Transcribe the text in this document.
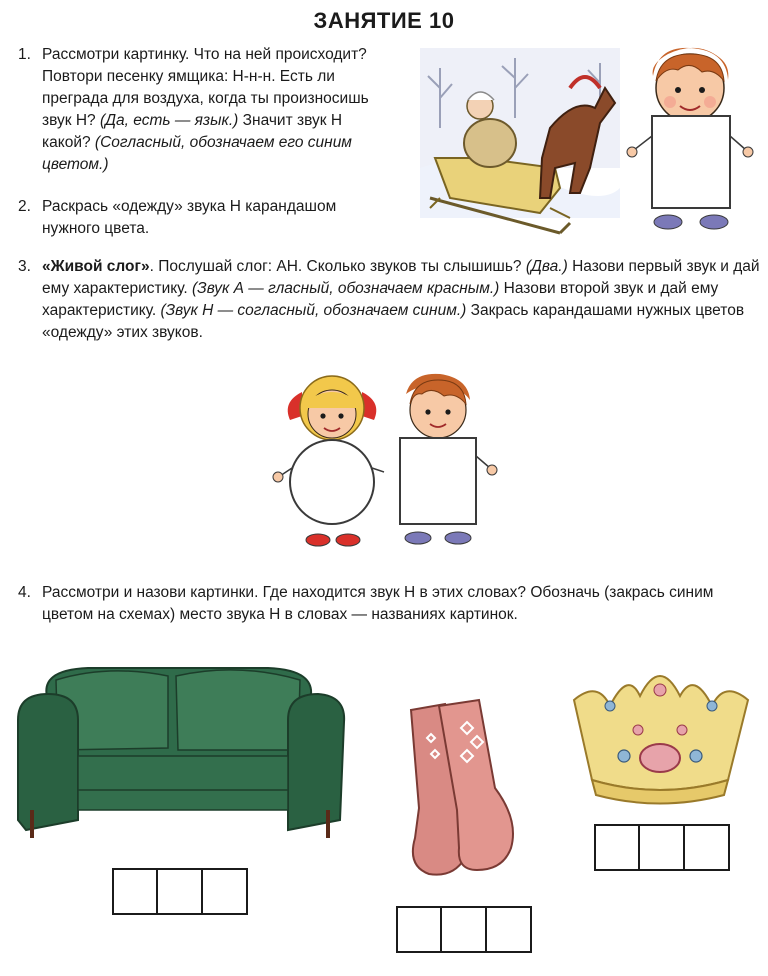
ЗАНЯТИЕ 10
1. Рассмотри картинку. Что на ней происходит? Повтори песенку ямщика: Н-н-н. Есть ли преграда для воздуха, когда ты произносишь звук Н? (Да, есть — язык.) Значит звук Н какой? (Согласный, обозначаем его синим цветом.)
2. Раскрась «одежду» звука Н карандашом нужного цвета.
3. «Живой слог». Послушай слог: АН. Сколько звуков ты слышишь? (Два.) Назови первый звук и дай ему характеристику. (Звук А — гласный, обозначаем красным.) Назови второй звук и дай ему характеристику. (Звук Н — согласный, обозначаем синим.) Закрась карандашами нужных цветов «одежду» этих звуков.
4. Рассмотри и назови картинки. Где находится звук Н в этих словах? Обозначь (закрась синим цветом на схемах) место звука Н в словах — названиях картинок.
